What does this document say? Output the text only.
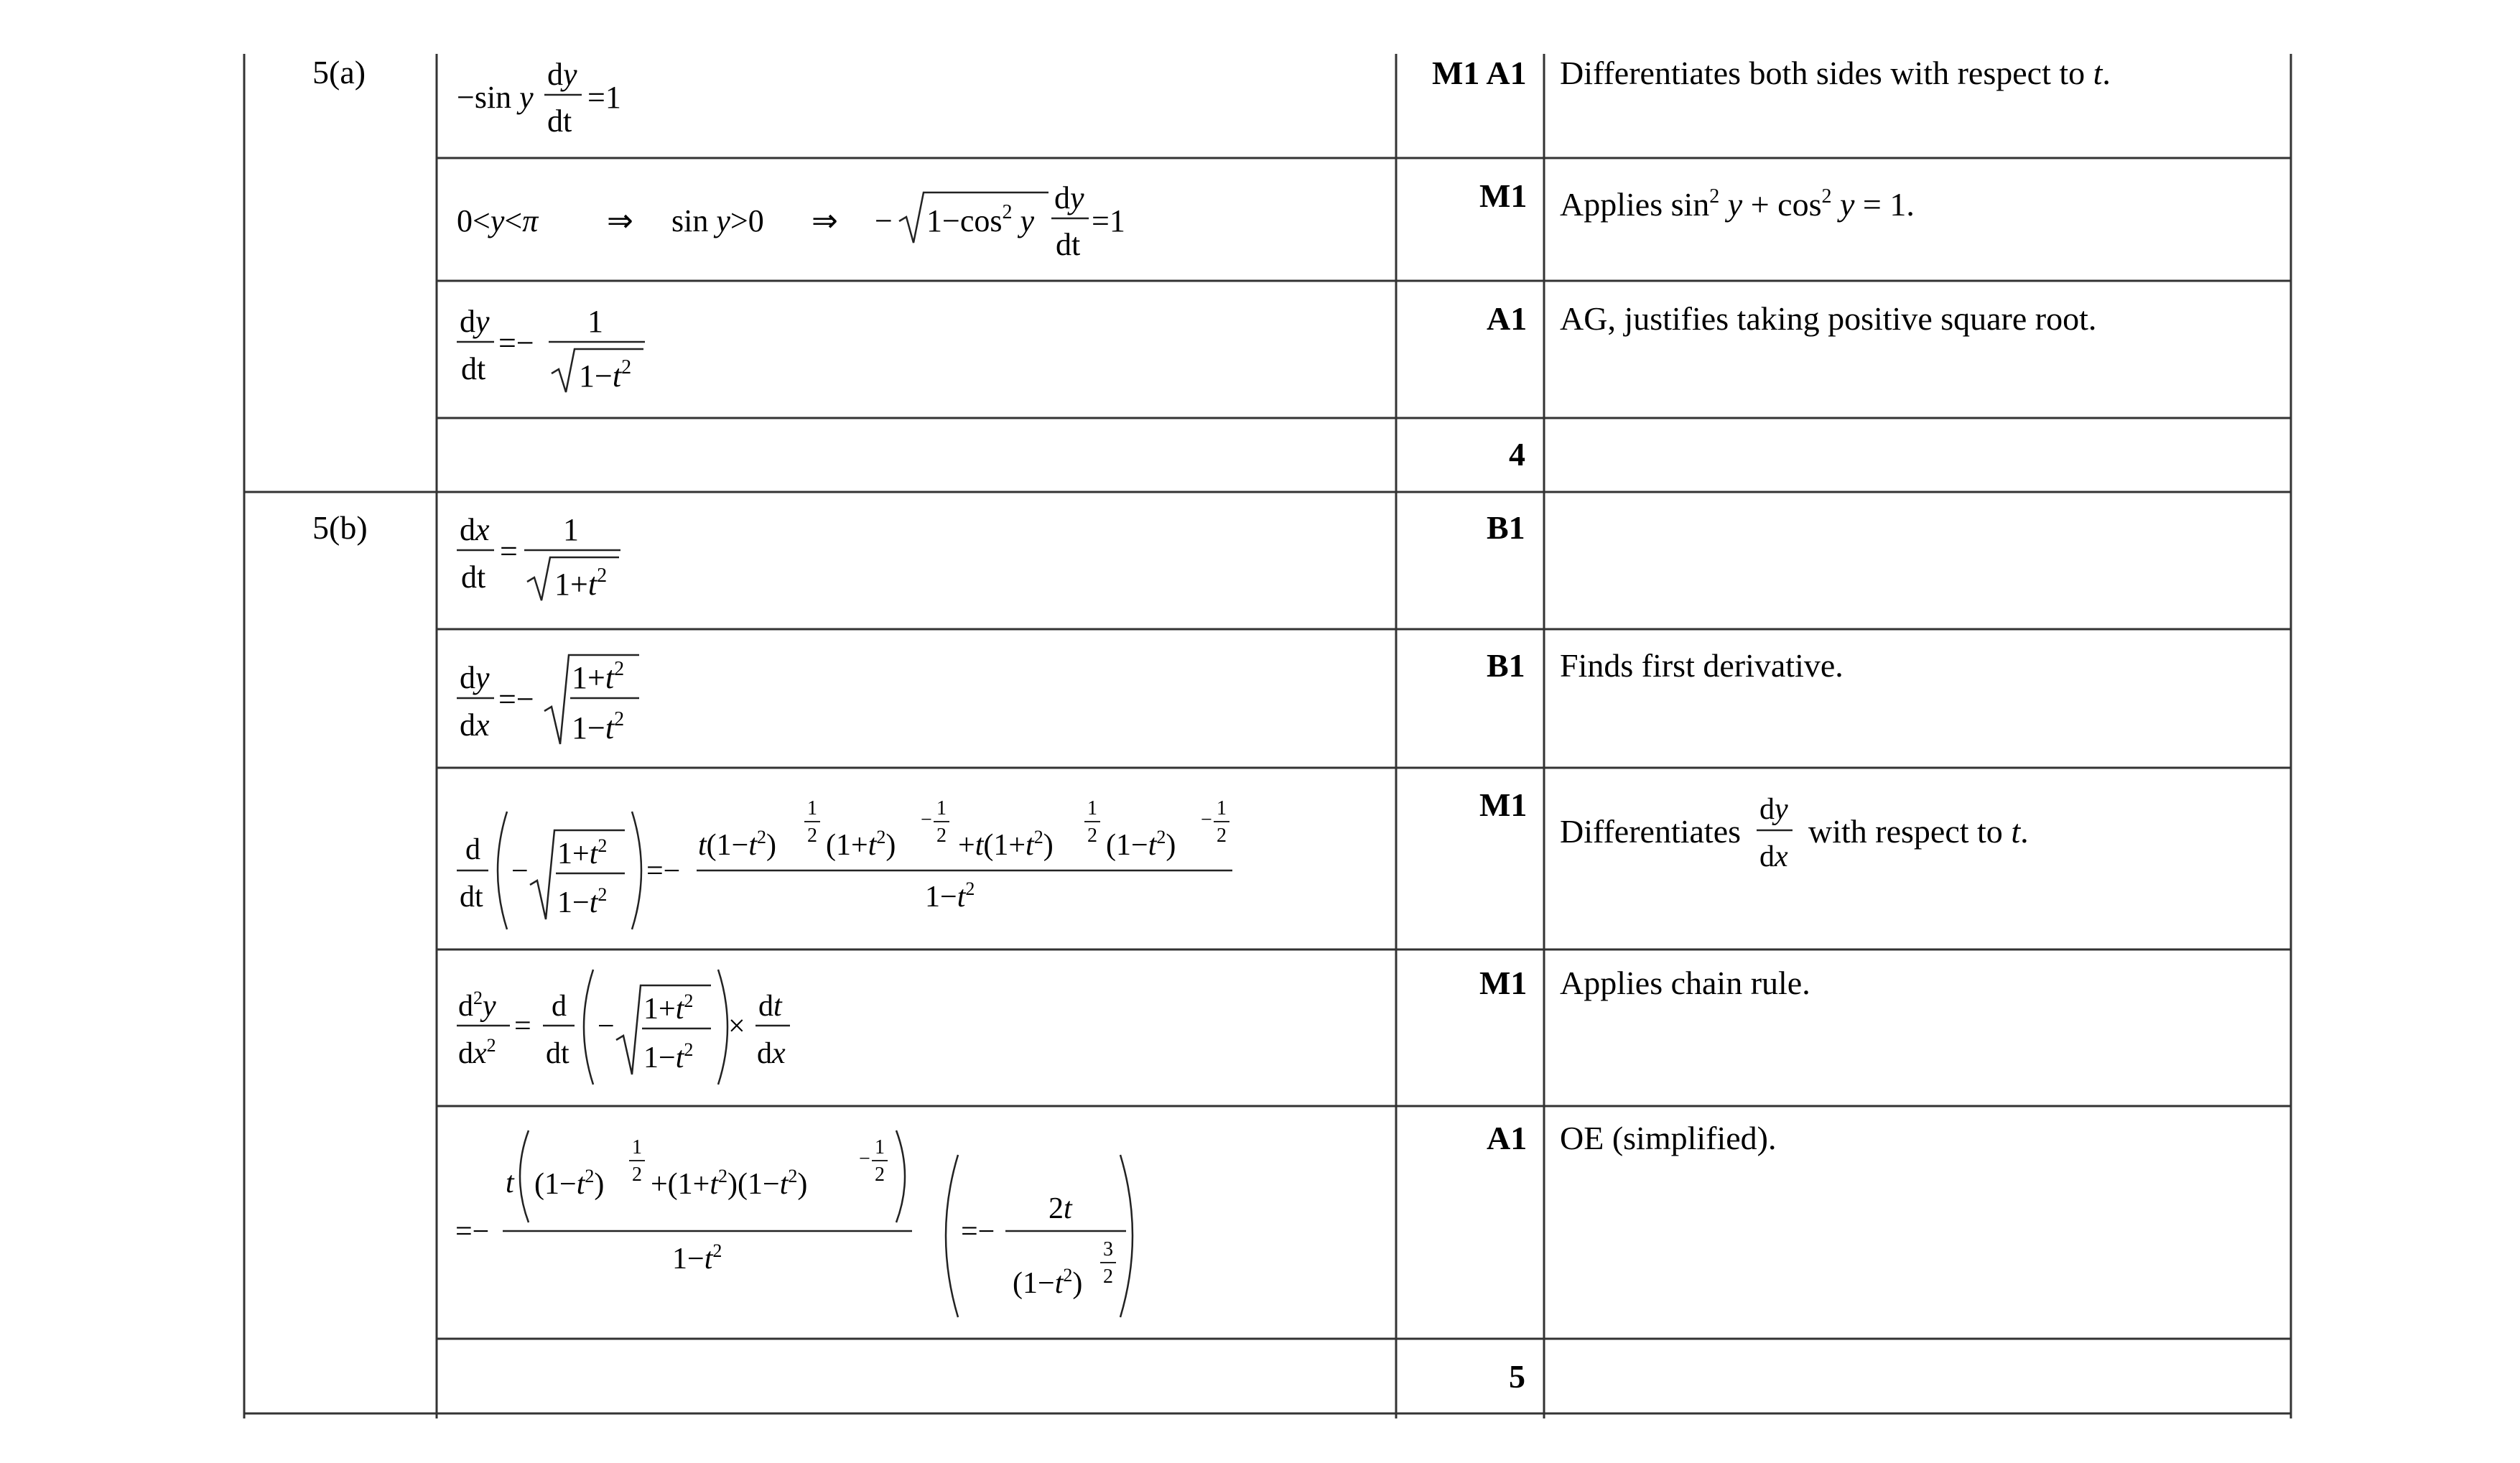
5(a)
−sin y
dy
dt
=1
M1 A1 Differentiates both sides with respect to t.
0<y<π ⇒ sin y>0 ⇒ − $1-\cos^2$ y
dy
dt
=1
M1 Applies $\sin^2 y + \cos^2 y = 1$.
dy
dt
=−
1
$1-t^2$
A1 AG, justifies taking positive square root.
4
5(b)	dx
dt
=
1
$1+t^2$
B1
dy
dx
=−
$1+t^2$
$1-t^2$
B1 Finds first derivative.
d
dt
−
$1+t^2$
$1-t^2$
=−
$t(1-t^2)$
1
2 $(1+t^2)$
−
1
$2 +t(1+t^2)$
1
2 $(1-t^2)$
−
1
2
$1-t^2$
M1
Differentiates
dy
dx
with respect to t.
$d^2y$
$dx^2$
=
d
dt
−
$1+t^2$
$1-t^2$
×
dt
dx
M1 Applies chain rule.
=−
t $(1-t^2)$
1
$2 +(1+t^2)(1-t^2)$
−
1
2
$1-t^2$
=−
2t
$(1-t^2)$
3
2
A1 OE (simplified).
5
